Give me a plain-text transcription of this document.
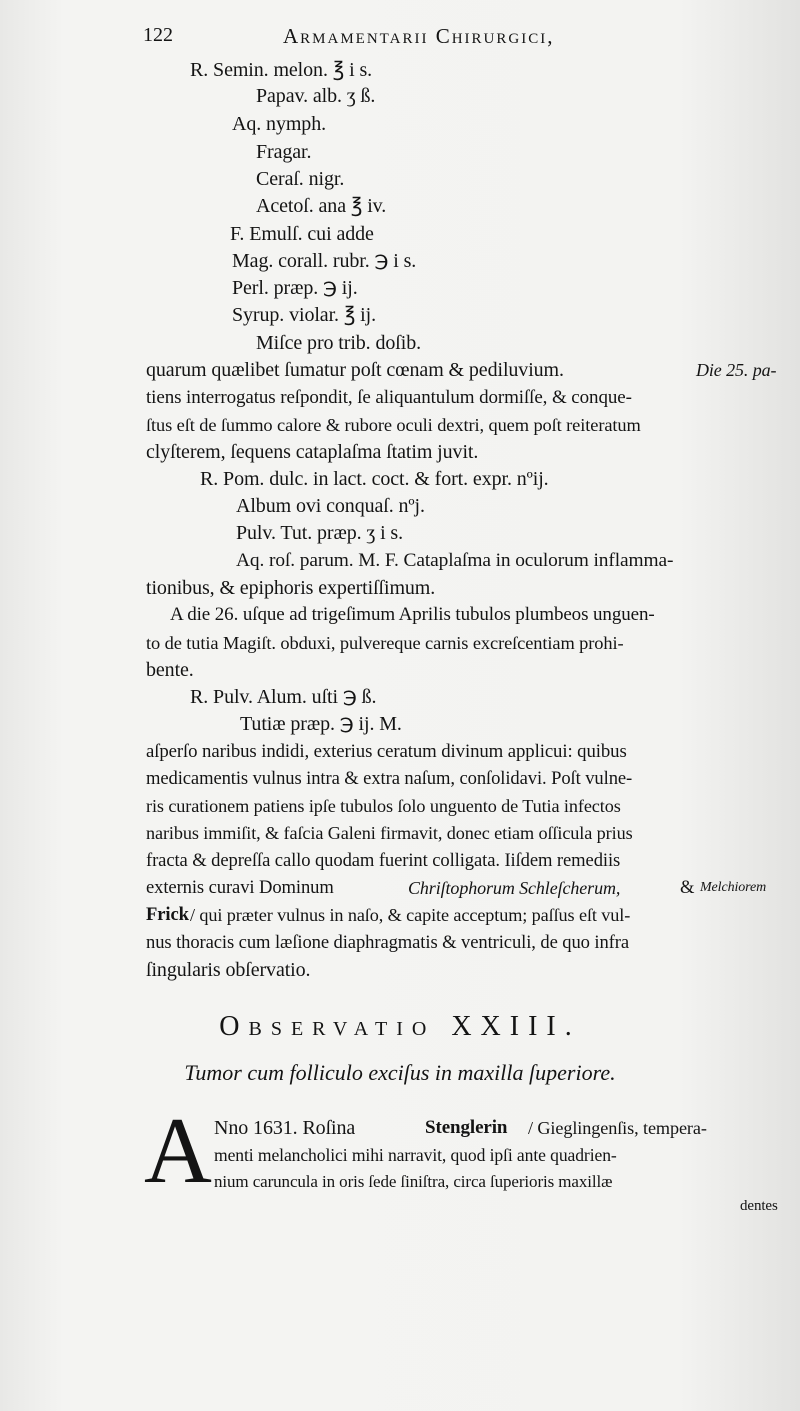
122	Armamentarii Chirurgici,
R. Semin. melon. ℥ i s.
Papav. alb. ʒ ß.
Aq. nymph.
Fragar.
Ceraſ. nigr.
Acetoſ. ana ℥ iv.
F. Emulſ. cui adde
Mag. corall. rubr. ℈ i s.
Perl. præp. ℈ ij.
Syrup. violar. ℥ ij.
Miſce pro trib. doſib.
quarum quælibet ſumatur poſt cœnam & pediluvium.	Die 25. pa-
tiens interrogatus reſpondit, ſe aliquantulum dormiſſe, & conque-
ſtus eſt de ſummo calore & rubore oculi dextri, quem poſt reiteratum
clyſterem, ſequens cataplaſma ſtatim juvit.
R. Pom. dulc. in lact. coct. & fort. expr. nºij.
Album ovi conquaſ. nºj.
Pulv. Tut. præp. ʒ i s.
Aq. roſ. parum. M. F. Cataplaſma in oculorum inflamma-
tionibus, & epiphoris expertiſſimum.
A die 26. uſque ad trigeſimum Aprilis tubulos plumbeos unguen-
to de tutia Magiſt. obduxi, pulvereque carnis excreſcentiam prohi-
bente.
R. Pulv. Alum. uſti ℈ ß.
Tutiæ præp. ℈ ij. M.
aſperſo naribus indidi, exterius ceratum divinum applicui: quibus
medicamentis vulnus intra & extra naſum, conſolidavi. Poſt vulne-
ris curationem patiens ipſe tubulos ſolo unguento de Tutia infectos
naribus immiſit, & faſcia Galeni firmavit, donec etiam oſſicula prius
fracta & depreſſa callo quodam fuerint colligata. Iiſdem remediis
externis curavi Dominum	Chriſtophorum Schleſcherum,	& Melchiorem
Frick / qui præter vulnus in naſo, & capite acceptum; paſſus eſt vul-
nus thoracis cum læſione diaphragmatis & ventriculi, de quo infra
ſingularis obſervatio.
Observatio XXIII.
Tumor cum folliculo exciſus in maxilla ſuperiore.
A Nno 1631. Roſina	Stenglerin / Gieglingenſis, tempera-
menti melancholici mihi narravit, quod ipſi ante quadrien-
nium caruncula in oris ſede ſiniſtra, circa ſuperioris maxillæ
dentes
